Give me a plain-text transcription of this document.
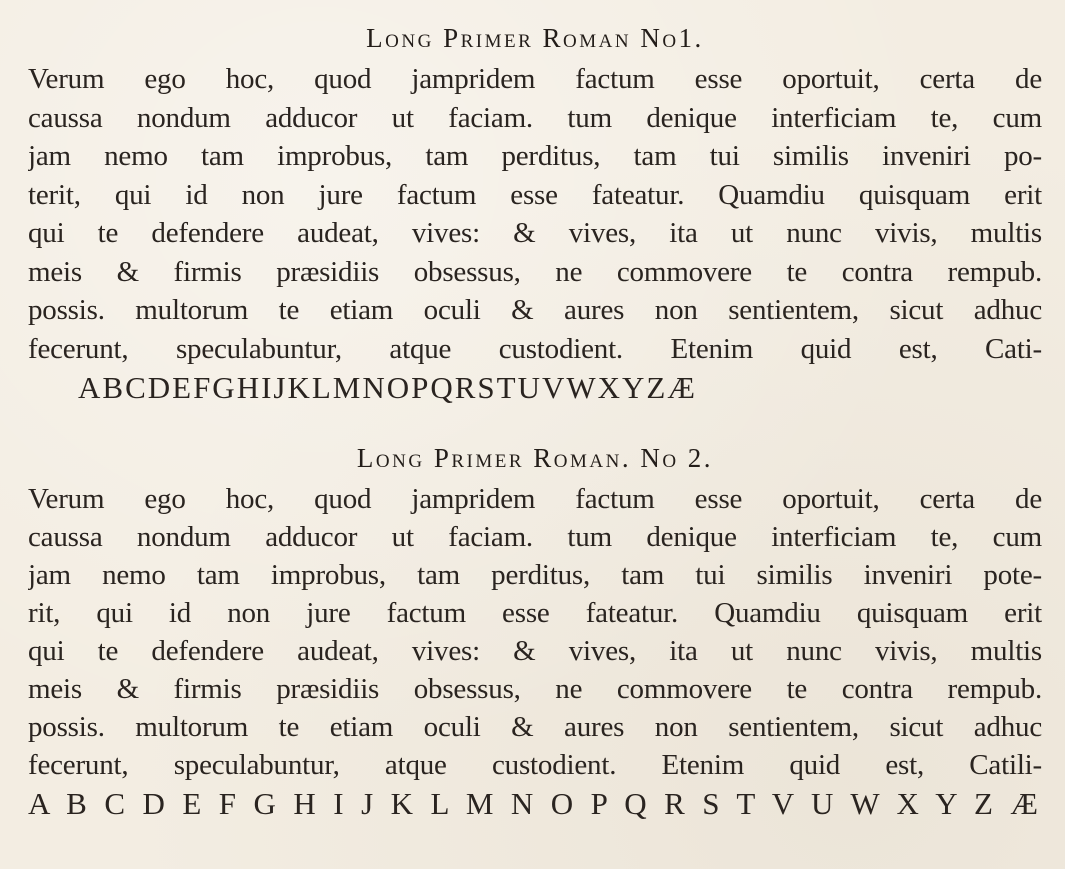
Long Primer Roman No1.
Verum ego hoc, quod jampridem factum esse oportuit, certa de
caussa nondum adducor ut faciam. tum denique interficiam te, cum
jam nemo tam improbus, tam perditus, tam tui similis inveniri po-
terit, qui id non jure factum esse fateatur. Quamdiu quisquam erit
qui te defendere audeat, vives: & vives, ita ut nunc vivis, multis
meis & firmis præsidiis obsessus, ne commovere te contra rempub.
possis. multorum te etiam oculi & aures non sentientem, sicut adhuc
fecerunt, speculabuntur, atque custodient. Etenim quid est, Cati-
ABCDEFGHIJKLMNOPQRSTUVWXYZÆ
Long Primer Roman. No 2.
Verum ego hoc, quod jampridem factum esse oportuit, certa de
caussa nondum adducor ut faciam. tum denique interficiam te, cum
jam nemo tam improbus, tam perditus, tam tui similis inveniri pote-
rit, qui id non jure factum esse fateatur. Quamdiu quisquam erit
qui te defendere audeat, vives: & vives, ita ut nunc vivis, multis
meis & firmis præsidiis obsessus, ne commovere te contra rempub.
possis. multorum te etiam oculi & aures non sentientem, sicut adhuc
fecerunt, speculabuntur, atque custodient. Etenim quid est, Catili-
A B C D E F G H I J K L M N O P Q R S T V U W X Y Z Æ
